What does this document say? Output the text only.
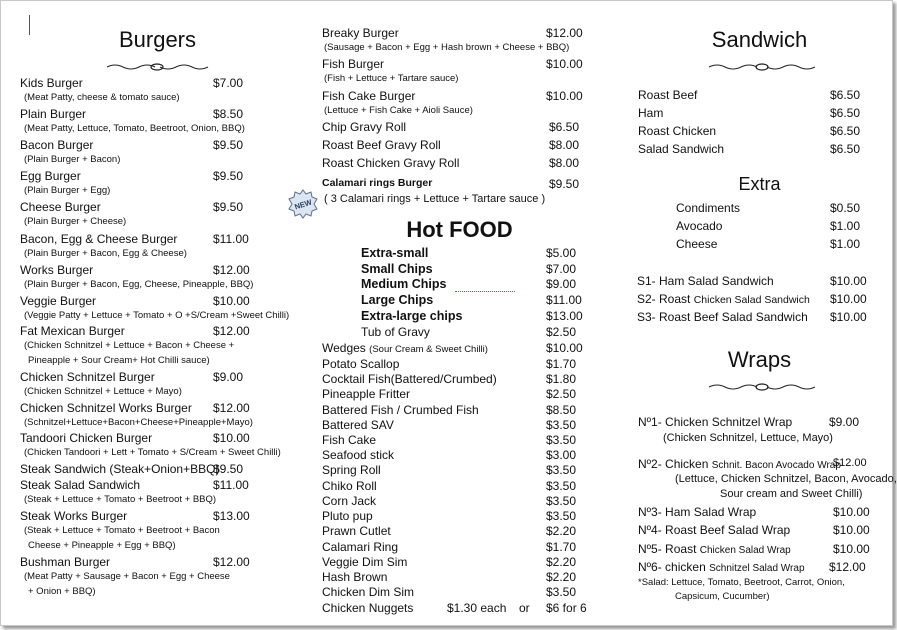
NEW
Burgers
Kids Burger	$7.00
(Meat Patty, cheese & tomato sauce)
Plain Burger	$8.50
(Meat Patty, Lettuce, Tomato, Beetroot, Onion, BBQ)
Bacon Burger	$9.50
(Plain Burger + Bacon)
Egg Burger	$9.50
(Plain Burger + Egg)
Cheese Burger	$9.50
(Plain Burger + Cheese)
Bacon, Egg & Cheese Burger	$11.00
(Plain Burger + Bacon, Egg & Cheese)
Works Burger	$12.00
(Plain Burger + Bacon, Egg, Cheese, Pineapple, BBQ)
Veggie Burger	$10.00
(Veggie Patty + Lettuce + Tomato + O +S/Cream +Sweet Chilli)
Fat Mexican Burger	$12.00
(Chicken Schnitzel + Lettuce + Bacon + Cheese +
Pineapple + Sour Cream+ Hot Chilli sauce)
Chicken Schnitzel Burger	$9.00
(Chicken Schnitzel + Lettuce + Mayo)
Chicken Schnitzel Works Burger $12.00
(Schnitzel+Lettuce+Bacon+Cheese+Pineapple+Mayo)
Tandoori Chicken Burger	$10.00
(Chicken Tandoori + Lett + Tomato + S/Cream + Sweet Chilli)
Steak Sandwich (Steak+Onion+BBQ)
$9.50
Steak Salad Sandwich	$11.00
(Steak + Lettuce + Tomato + Beetroot + BBQ)
Steak Works Burger	$13.00
(Steak + Lettuce + Tomato + Beetroot + Bacon
Cheese + Pineapple + Egg + BBQ)
Bushman Burger	$12.00
(Meat Patty + Sausage + Bacon + Egg + Cheese
+ Onion + BBQ)
Breaky Burger	$12.00
(Sausage + Bacon + Egg + Hash brown + Cheese + BBQ)
Fish Burger	$10.00
(Fish + Lettuce + Tartare sauce)
Fish Cake Burger	$10.00
(Lettuce + Fish Cake + Aioli Sauce)
Chip Gravy Roll	$6.50
Roast Beef Gravy Roll	$8.00
Roast Chicken Gravy Roll	$8.00
Calamari rings Burger	$9.50
( 3 Calamari rings + Lettuce + Tartare sauce )
Hot FOOD
Extra-small	$5.00
Small Chips	$7.00
Medium Chips	$9.00
Large Chips	$11.00
Extra-large chips	$13.00
Tub of Gravy	$2.50
Wedges (Sour Cream & Sweet Chilli)	$10.00
Potato Scallop	$1.70
Cocktail Fish(Battered/Crumbed)	$1.80
Pineapple Fritter	$2.50
Battered Fish / Crumbed Fish	$8.50
Battered SAV	$3.50
Fish Cake	$3.50
Seafood stick	$3.00
Spring Roll	$3.50
Chiko Roll	$3.50
Corn Jack	$3.50
Pluto pup	$3.50
Prawn Cutlet	$2.20
Calamari Ring	$1.70
Veggie Dim Sim	$2.20
Hash Brown	$2.20
Chicken Dim Sim	$3.50
Chicken Nuggets	$1.30 each or $6 for 6
Sandwich
Extra
Wraps
Roast Beef	$6.50
Ham	$6.50
Roast Chicken	$6.50
Salad Sandwich	$6.50
Condiments	$0.50
Avocado	$1.00
Cheese	$1.00
S1- Ham Salad Sandwich	$10.00
S2- Roast Chicken Salad Sandwich $10.00
S3- Roast Beef Salad Sandwich $10.00
Nº1- Chicken Schnitzel Wrap	$9.00
(Chicken Schnitzel, Lettuce, Mayo)
Nº2- Chicken Schnit. Bacon Avocado Wrap
$12.00
(Lettuce, Chicken Schnitzel, Bacon, Avocado,
Sour cream and Sweet Chilli)
Nº3- Ham Salad Wrap	$10.00
Nº4- Roast Beef Salad Wrap	$10.00
Nº5- Roast Chicken Salad Wrap	$10.00
Nº6- chicken Schnitzel Salad Wrap $12.00
*Salad: Lettuce, Tomato, Beetroot, Carrot, Onion,
Capsicum, Cucumber)
